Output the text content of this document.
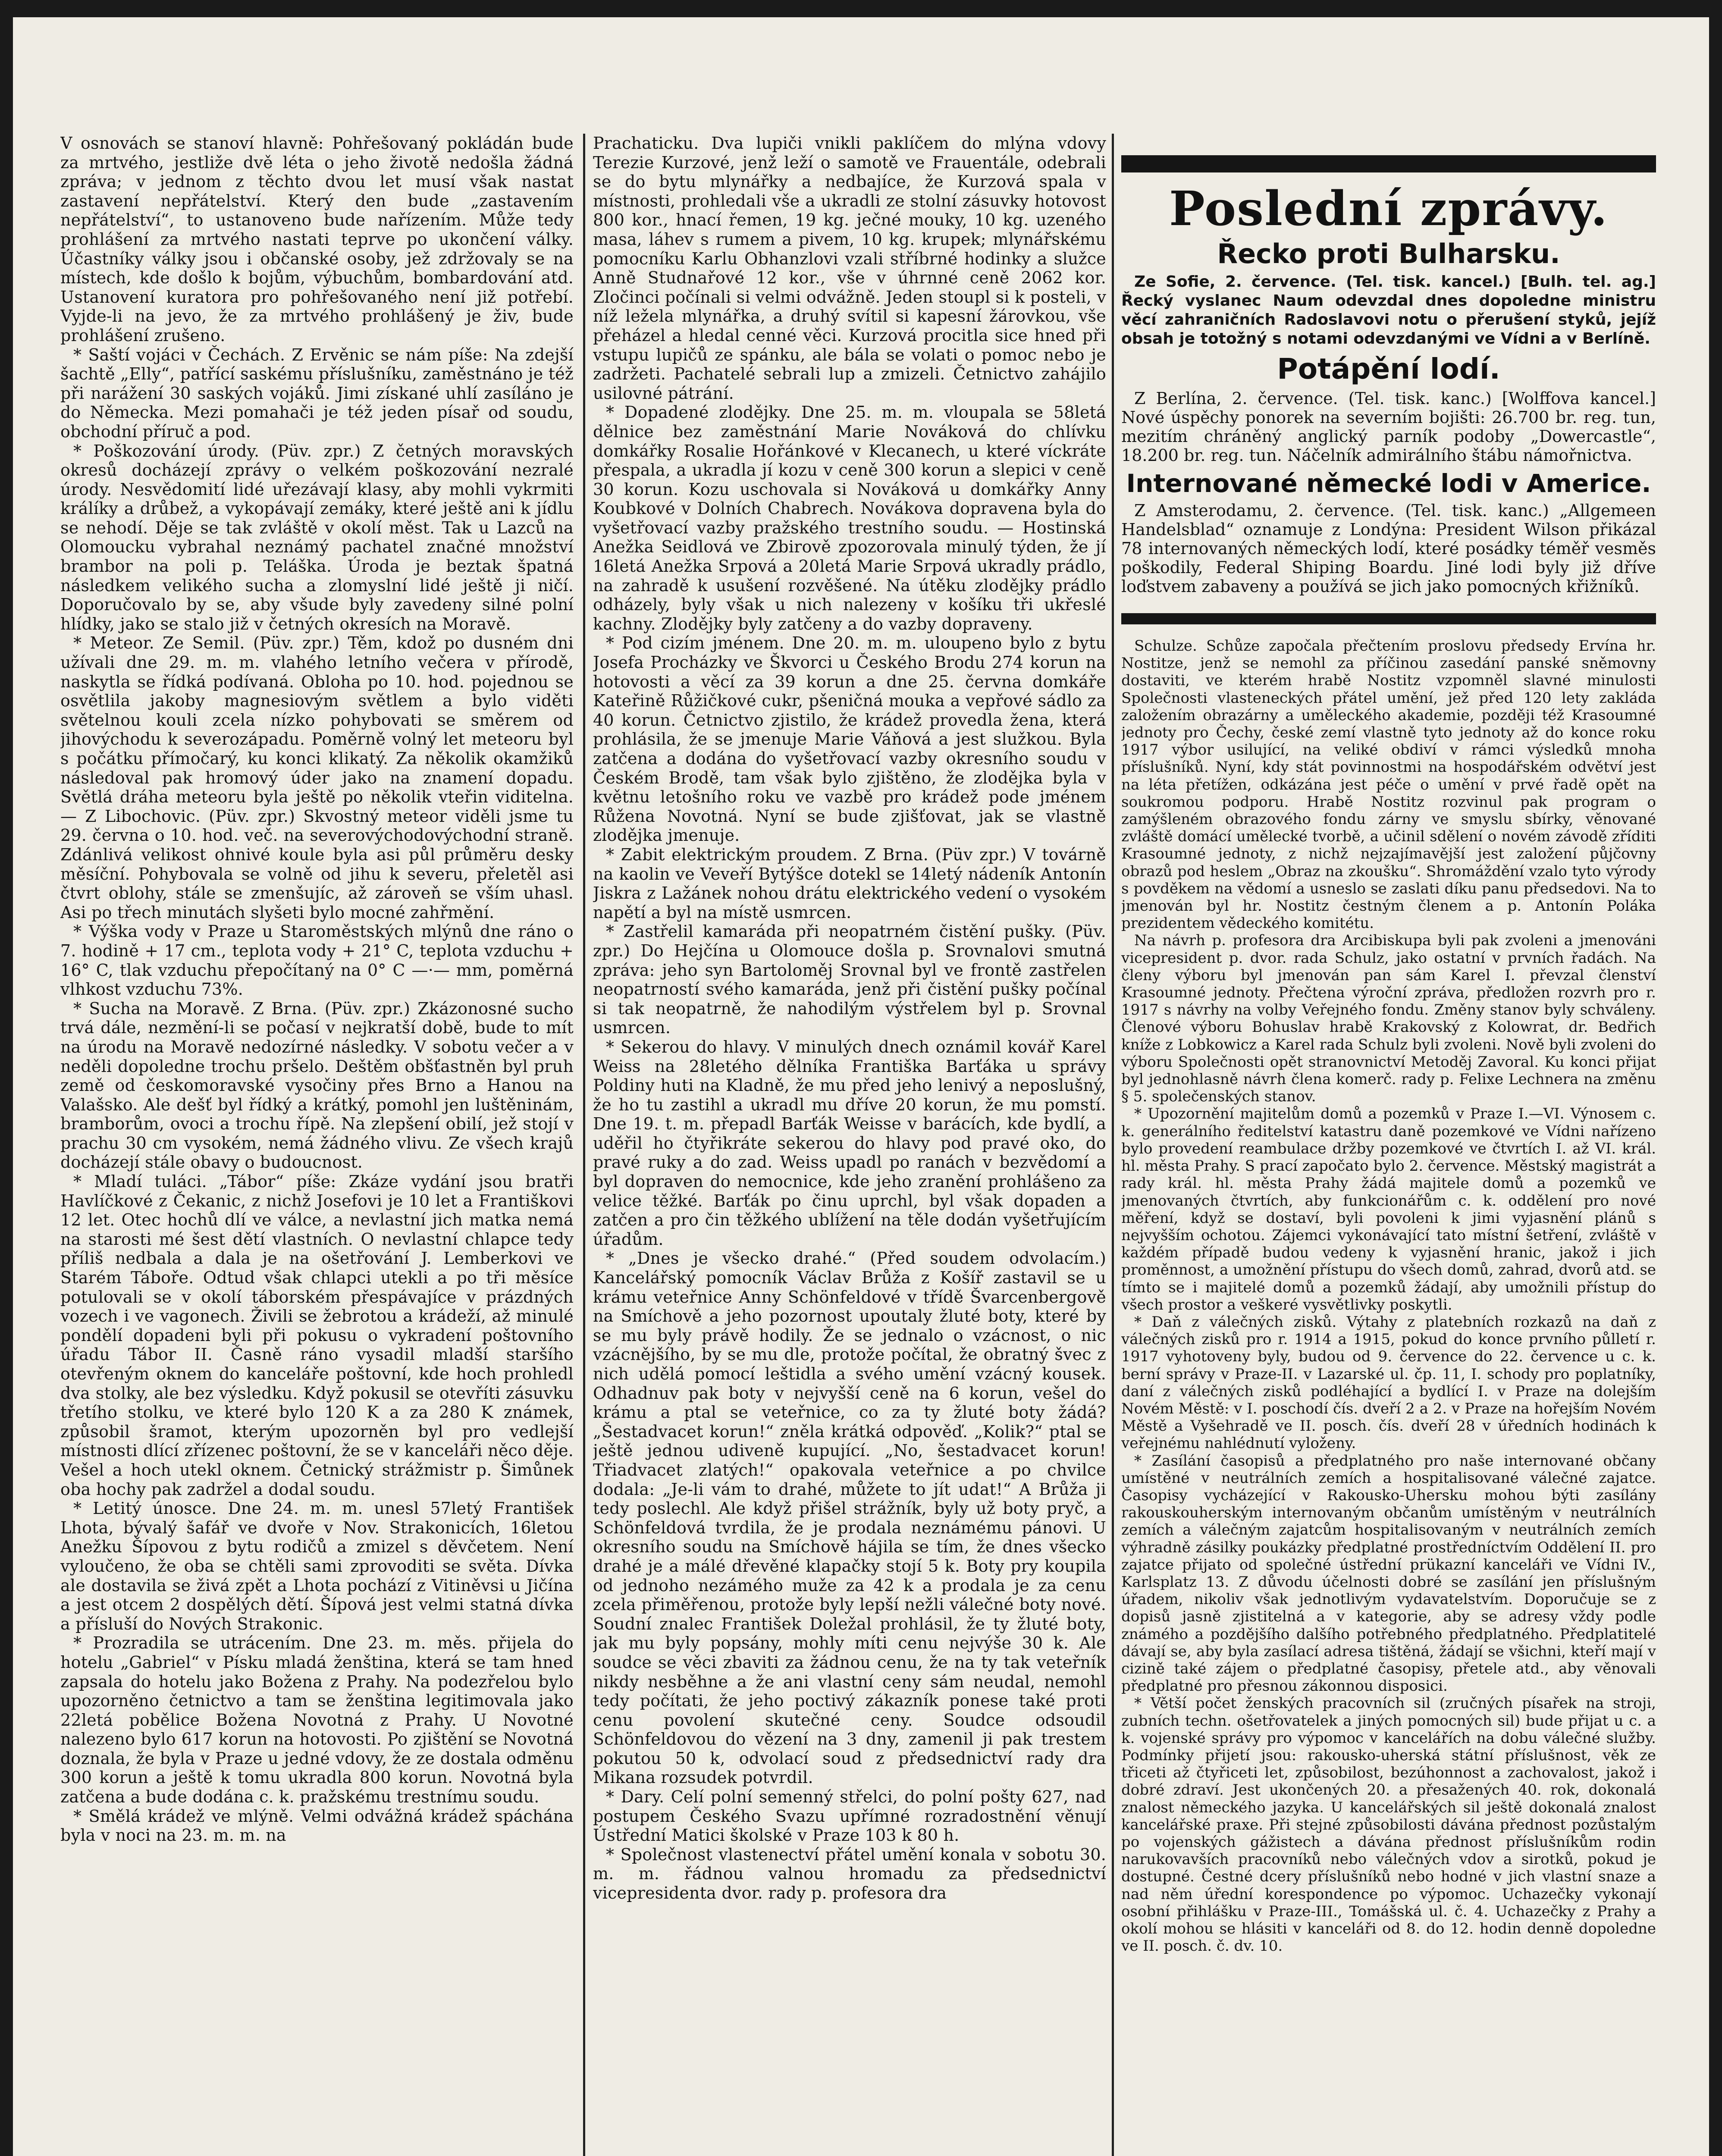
V osnovách se stanoví hlavně: Pohřešovaný pokládán bude za mrtvého, jestliže dvě léta o jeho životě nedošla žádná zpráva; v jednom z těchto dvou let musí však nastat zastavení nepřátelství. Který den bude „zastavením nepřátelství“, to ustanoveno bude nařízením. Může tedy prohlášení za mrtvého nastati teprve po ukončení války. Účastníky války jsou i občanské osoby, jež zdržovaly se na místech, kde došlo k bojům, výbuchům, bombardování atd. Ustanovení kuratora pro pohřešovaného není již potřebí. Vyjde-li na jevo, že za mrtvého prohlášený je živ, bude prohlášení zrušeno.

* Saští vojáci v Čechách. Z Ervěnic se nám píše: Na zdejší šachtě „Elly“, patřící saskému příslušníku, zaměstnáno je též při narážení 30 saských vojáků. Jimi získané uhlí zasíláno je do Německa. Mezi pomahači je též jeden písař od soudu, obchodní příruč a pod.

* Poškozování úrody. (Püv. zpr.) Z četných moravských okresů docházejí zprávy o velkém poškozování nezralé úrody. Nesvědomití lidé uřezávají klasy, aby mohli vykrmiti králíky a drůbež, a vykopávají zemáky, které ještě ani k jídlu se nehodí. Děje se tak zvláště v okolí měst. Tak u Lazců na Olomoucku vybrahal neznámý pachatel značné množství brambor na poli p. Teláška. Úroda je beztak špatná následkem velikého sucha a zlomyslní lidé ještě ji ničí. Doporučovalo by se, aby všude byly zavedeny silné polní hlídky, jako se stalo již v četných okresích na Moravě.

* Meteor. Ze Semil. (Püv. zpr.) Těm, kdož po dusném dni užívali dne 29. m. m. vlahého letního večera v přírodě, naskytla se řídká podívaná. Obloha po 10. hod. pojednou se osvětlila jakoby magnesiovým světlem a bylo viděti světelnou kouli zcela nízko pohybovati se směrem od jihovýchodu k severozápadu. Poměrně volný let meteoru byl s počátku přímočarý, ku konci klikatý. Za několik okamžiků následoval pak hromový úder jako na znamení dopadu. Světlá dráha meteoru byla ještě po několik vteřin viditelna. — Z Libochovic. (Püv. zpr.) Skvostný meteor viděli jsme tu 29. června o 10. hod. več. na severovýchodovýchodní straně. Zdánlivá velikost ohnivé koule byla asi půl průměru desky měsíční. Pohybovala se volně od jihu k severu, přeletěl asi čtvrt oblohy, stále se zmenšujíc, až zároveň se vším uhasl. Asi po třech minutách slyšeti bylo mocné zahřmění.

* Výška vody v Praze u Staroměstských mlýnů dne ráno o 7. hodině + 17 cm., teplota vody + 21° C, teplota vzduchu + 16° C, tlak vzduchu přepočítaný na 0° C —·— mm, poměrná vlhkost vzduchu 73%.

* Sucha na Moravě. Z Brna. (Püv. zpr.) Zkázonosné sucho trvá dále, nezmění-li se počasí v nejkratší době, bude to mít na úrodu na Moravě nedozírné následky. V sobotu večer a v neděli dopoledne trochu pršelo. Deštěm obšťastněn byl pruh země od českomoravské vysočiny přes Brno a Hanou na Valašsko. Ale dešť byl řídký a krátký, pomohl jen luštěninám, bramborům, ovoci a trochu řípě. Na zlepšení obilí, jež stojí v prachu 30 cm vysokém, nemá žádného vlivu. Ze všech krajů docházejí stále obavy o budoucnost.

* Mladí tuláci. „Tábor“ píše: Zkáze vydání jsou bratři Havlíčkové z Čekanic, z nichž Josefovi je 10 let a Františkovi 12 let. Otec hochů dlí ve válce, a nevlastní jich matka nemá na starosti mé šest dětí vlastních. O nevlastní chlapce tedy příliš nedbala a dala je na ošetřování J. Lemberkovi ve Starém Táboře. Odtud však chlapci utekli a po tři měsíce potulovali se v okolí táborském přespávajíce v prázdných vozech i ve vagonech. Živili se žebrotou a krádeží, až minulé pondělí dopadeni byli při pokusu o vykradení poštovního úřadu Tábor II. Časně ráno vysadil mladší staršího otevřeným oknem do kanceláře poštovní, kde hoch prohledl dva stolky, ale bez výsledku. Když pokusil se otevříti zásuvku třetího stolku, ve které bylo 120 K a za 280 K známek, způsobil šramot, kterým upozorněn byl pro vedlejší místnosti dlící zřízenec poštovní, že se v kanceláři něco děje. Vešel a hoch utekl oknem. Četnický strážmistr p. Šimůnek oba hochy pak zadržel a dodal soudu.

* Letitý únosce. Dne 24. m. m. unesl 57letý František Lhota, bývalý šafář ve dvoře v Nov. Strakonicích, 16letou Anežku Šípovou z bytu rodičů a zmizel s děvčetem. Není vyloučeno, že oba se chtěli sami zprovoditi se světa. Dívka ale dostavila se živá zpět a Lhota pochází z Vitiněvsi u Jičína a jest otcem 2 dospělých dětí. Šípová jest velmi statná dívka a přísluší do Nových Strakonic.

* Prozradila se utrácením. Dne 23. m. měs. přijela do hotelu „Gabriel“ v Písku mladá ženština, která se tam hned zapsala do hotelu jako Božena z Prahy. Na podezřelou bylo upozorněno četnictvo a tam se ženština legitimovala jako 22letá pobělice Božena Novotná z Prahy. U Novotné nalezeno bylo 617 korun na hotovosti. Po zjištění se Novotná doznala, že byla v Praze u jedné vdovy, že ze dostala odměnu 300 korun a ještě k tomu ukradla 800 korun. Novotná byla zatčena a bude dodána c. k. pražskému trestnímu soudu.

* Smělá krádež ve mlýně. Velmi odvážná krádež spáchána byla v noci na 23. m. m. na

Prachaticku. Dva lupiči vnikli paklíčem do mlýna vdovy Terezie Kurzové, jenž leží o samotě ve Frauentále, odebrali se do bytu mlynářky a nedbajíce, že Kurzová spala v místnosti, prohledali vše a ukradli ze stolní zásuvky hotovost 800 kor., hnací řemen, 19 kg. ječné mouky, 10 kg. uzeného masa, láhev s rumem a pivem, 10 kg. krupek; mlynářskému pomocníku Karlu Obhanzlovi vzali stříbrné hodinky a služce Anně Studnařové 12 kor., vše v úhrnné ceně 2062 kor. Zločinci počínali si velmi odvážně. Jeden stoupl si k posteli, v níž ležela mlynářka, a druhý svítil si kapesní žárovkou, vše přeházel a hledal cenné věci. Kurzová procitla sice hned při vstupu lupičů ze spánku, ale bála se volati o pomoc nebo je zadržeti. Pachatelé sebrali lup a zmizeli. Četnictvo zahájilo usilovné pátrání.

* Dopadené zlodějky. Dne 25. m. m. vloupala se 58letá dělnice bez zaměstnání Marie Nováková do chlívku domkářky Rosalie Hořánkové v Klecanech, u které víckráte přespala, a ukradla jí kozu v ceně 300 korun a slepici v ceně 30 korun. Kozu uschovala si Nováková u domkářky Anny Koubkové v Dolních Chabrech. Novákova dopravena byla do vyšetřovací vazby pražského trestního soudu. — Hostinská Anežka Seidlová ve Zbirově zpozorovala minulý týden, že jí 16letá Anežka Srpová a 20letá Marie Srpová ukradly prádlo, na zahradě k usušení rozvěšené. Na útěku zlodějky prádlo odházely, byly však u nich nalezeny v košíku tři ukřeslé kachny. Zlodějky byly zatčeny a do vazby dopraveny.

* Pod cizím jménem. Dne 20. m. m. uloupeno bylo z bytu Josefa Procházky ve Škvorci u Českého Brodu 274 korun na hotovosti a věcí za 39 korun a dne 25. června domkáře Kateřině Růžičkové cukr, pšeničná mouka a vepřové sádlo za 40 korun. Četnictvo zjistilo, že krádež provedla žena, která prohlásila, že se jmenuje Marie Váňová a jest služkou. Byla zatčena a dodána do vyšetřovací vazby okresního soudu v Českém Brodě, tam však bylo zjištěno, že zlodějka byla v květnu letošního roku ve vazbě pro krádež pode jménem Růžena Novotná. Nyní se bude zjišťovat, jak se vlastně zlodějka jmenuje.

* Zabit elektrickým proudem. Z Brna. (Püv zpr.) V továrně na kaolin ve Veveří Bytýšce dotekl se 14letý nádeník Antonín Jiskra z Lažánek nohou drátu elektrického vedení o vysokém napětí a byl na místě usmrcen.

* Zastřelil kamaráda při neopatrném čistění pušky. (Püv. zpr.) Do Hejčína u Olomouce došla p. Srovnalovi smutná zpráva: jeho syn Bartoloměj Srovnal byl ve frontě zastřelen neopatrností svého kamaráda, jenž při čistění pušky počínal si tak neopatrně, že nahodilým výstřelem byl p. Srovnal usmrcen.

* Sekerou do hlavy. V minulých dnech oznámil kovář Karel Weiss na 28letého dělníka Františka Barťáka u správy Poldiny huti na Kladně, že mu před jeho lenivý a neposlušný, že ho tu zastihl a ukradl mu dříve 20 korun, že mu pomstí. Dne 19. t. m. přepadl Barťák Weisse v barácích, kde bydlí, a uděřil ho čtyřikráte sekerou do hlavy pod pravé oko, do pravé ruky a do zad. Weiss upadl po ranách v bezvědomí a byl dopraven do nemocnice, kde jeho zranění prohlášeno za velice těžké. Barťák po činu uprchl, byl však dopaden a zatčen a pro čin těžkého ublížení na těle dodán vyšetřujícím úřadům.

* „Dnes je všecko drahé.“ (Před soudem odvolacím.) Kancelářský pomocník Václav Brůža z Košíř zastavil se u krámu veteřnice Anny Schönfeldové v třídě Švarcenbergově na Smíchově a jeho pozornost upoutaly žluté boty, které by se mu byly právě hodily. Že se jednalo o vzácnost, o nic vzácnějšího, by se mu dle, protože počítal, že obratný švec z nich udělá pomocí leštidla a svého umění vzácný kousek. Odhadnuv pak boty v nejvyšší ceně na 6 korun, vešel do krámu a ptal se veteřnice, co za ty žluté boty žádá? „Šestadvacet korun!“ zněla krátká odpověď. „Kolik?“ ptal se ještě jednou udiveně kupující. „No, šestadvacet korun! Třiadvacet zlatých!“ opakovala veteřnice a po chvilce dodala: „Je-li vám to drahé, můžete to jít udat!“ A Brůža ji tedy poslechl. Ale když přišel strážník, byly už boty pryč, a Schönfeldová tvrdila, že je prodala neznámému pánovi. U okresního soudu na Smíchově hájila se tím, že dnes všecko drahé je a málé dřevěné klapačky stojí 5 k. Boty pry koupila od jednoho nezámého muže za 42 k a prodala je za cenu zcela přiměřenou, protože byly lepší nežli válečné boty nové. Soudní znalec František Doležal prohlásil, že ty žluté boty, jak mu byly popsány, mohly míti cenu nejvýše 30 k. Ale soudce se věci zbaviti za žádnou cenu, že na ty tak veteřník nikdy nesběhne a že ani vlastní ceny sám neudal, nemohl tedy počítati, že jeho poctivý zákazník ponese také proti cenu povolení skutečné ceny. Soudce odsoudil Schönfeldovou do vězení na 3 dny, zamenil ji pak trestem pokutou 50 k, odvolací soud z předsednictví rady dra Mikana rozsudek potvrdil.

* Dary. Celí polní semenný střelci, do polní pošty 627, nad postupem Českého Svazu upřímné rozradostnění věnují Ústřední Matici školské v Praze 103 k 80 h.

* Společnost vlastenectví přátel umění konala v sobotu 30. m. m. řádnou valnou hromadu za předsednictví vicepresidenta dvor. rady p. profesora dra

Poslední zprávy.
Řecko proti Bulharsku.

Ze Sofie, 2. července. (Tel. tisk. kancel.) [Bulh. tel. ag.] Řecký vyslanec Naum odevzdal dnes dopoledne ministru věcí zahraničních Radoslavovi notu o přerušení styků, jejíž obsah je totožný s notami odevzdanými ve Vídni a v Berlíně.

Potápění lodí.

Z Berlína, 2. července. (Tel. tisk. kanc.) [Wolffova kancel.] Nové úspěchy ponorek na severním bojišti: 26.700 br. reg. tun, mezitím chráněný anglický parník podoby „Dowercastle“, 18.200 br. reg. tun. Náčelník admirálního štábu námořnictva.

Internované německé lodi v Americe.

Z Amsterodamu, 2. července. (Tel. tisk. kanc.) „Allgemeen Handelsblad“ oznamuje z Londýna: President Wilson přikázal 78 internovaných německých lodí, které posádky téměř vesměs poškodily, Federal Shiping Boardu. Jiné lodi byly již dříve loďstvem zabaveny a používá se jich jako pomocných křižníků.

Schulze. Schůze započala přečtením proslovu předsedy Ervína hr. Nostitze, jenž se nemohl za příčinou zasedání panské sněmovny dostaviti, ve kterém hrabě Nostitz vzpomněl slavné minulosti Společnosti vlasteneckých přátel umění, jež před 120 lety zakláda založením obrazárny a uměleckého akademie, později též Krasoumné jednoty pro Čechy, české zemí vlastně tyto jednoty až do konce roku 1917 výbor usilující, na veliké obdiví v rámci výsledků mnoha příslušníků. Nyní, kdy stát povinnostmi na hospodářském odvětví jest na léta přetížen, odkázána jest péče o umění v prvé řadě opět na soukromou podporu. Hrabě Nostitz rozvinul pak program o zamýšleném obrazového fondu zárny ve smyslu sbírky, věnované zvláště domácí umělecké tvorbě, a učinil sdělení o novém závodě zříditi Krasoumné jednoty, z nichž nejzajímavější jest založení půjčovny obrazů pod heslem „Obraz na zkoušku“. Shromáždění vzalo tyto výrody s povděkem na vědomí a usneslo se zaslati díku panu předsedovi. Na to jmenován byl hr. Nostitz čestným členem a p. Antonín Poláka prezidentem vědeckého komitétu.

Na návrh p. profesora dra Arcibiskupa byli pak zvoleni a jmenováni vicepresident p. dvor. rada Schulz, jako ostatní v prvních řadách. Na členy výboru byl jmenován pan sám Karel I. převzal členství Krasoumné jednoty. Přečtena výroční zpráva, předložen rozvrh pro r. 1917 s návrhy na volby Veřejného fondu. Změny stanov byly schváleny. Členové výboru Bohuslav hrabě Krakovský z Kolowrat, dr. Bedřich kníže z Lobkowicz a Karel rada Schulz byli zvoleni. Nově byli zvoleni do výboru Společnosti opět stranovnictví Metoděj Zavoral. Ku konci přijat byl jednohlasně návrh člena komerč. rady p. Felixe Lechnera na změnu § 5. společenských stanov.

* Upozornění majitelům domů a pozemků v Praze I.—VI. Výnosem c. k. generálního ředitelství katastru daně pozemkové ve Vídni nařízeno bylo provedení reambulace držby pozemkové ve čtvrtích I. až VI. král. hl. města Prahy. S prací započato bylo 2. července. Městský magistrát a rady král. hl. města Prahy žádá majitele domů a pozemků ve jmenovaných čtvrtích, aby funkcionářům c. k. oddělení pro nové měření, když se dostaví, byli povoleni k jimi vyjasnění plánů s nejvyšším ochotou. Zájemci vykonávající tato místní šetření, zvláště v každém případě budou vedeny k vyjasnění hranic, jakož i jich proměnnost, a umožnění přístupu do všech domů, zahrad, dvorů atd. se tímto se i majitelé domů a pozemků žádají, aby umožnili přístup do všech prostor a veškeré vysvětlivky poskytli.

* Daň z válečných zisků. Výtahy z platebních rozkazů na daň z válečných zisků pro r. 1914 a 1915, pokud do konce prvního půlletí r. 1917 vyhotoveny byly, budou od 9. července do 22. července u c. k. berní správy v Praze-II. v Lazarské ul. čp. 11, I. schody pro poplatníky, daní z válečných zisků podléhající a bydlící I. v Praze na dolejším Novém Městě: v I. poschodí čís. dveří 2 a 2. v Praze na hořejším Novém Městě a Vyšehradě ve II. posch. čís. dveří 28 v úředních hodinách k veřejnému nahlédnutí vyloženy.

* Zasílání časopisů a předplatného pro naše internované občany umístěné v neutrálních zemích a hospitalisované válečné zajatce. Časopisy vycházející v Rakousko-Uhersku mohou býti zasílány rakouskouherským internovaným občanům umístěným v neutrálních zemích a válečným zajatcům hospitalisovaným v neutrálních zemích výhradně zásilky poukázky předplatné prostředníctvím Oddělení II. pro zajatce přijato od společné ústřední prükazní kanceláři ve Vídni IV., Karlsplatz 13. Z důvodu účelnosti dobré se zasílání jen příslušným úřadem, nikoliv však jednotlivým vydavatelstvím. Doporučuje se z dopisů jasně zjistitelná a v kategorie, aby se adresy vždy podle známého a pozdějšího dalšího potřebného předplatného. Předplatitelé dávají se, aby byla zasílací adresa tištěná, žádají se všichni, kteří mají v cizině také zájem o předplatné časopisy, přetele atd., aby věnovali předplatné pro přesnou zákonnou disposici.

* Větší počet ženských pracovních sil (zručných písařek na stroji, zubních techn. ošetřovatelek a jiných pomocných sil) bude přijat u c. a k. vojenské správy pro výpomoc v kancelářích na dobu válečné služby. Podmínky přijetí jsou: rakousko-uherská státní příslušnost, věk ze třiceti až čtyřiceti let, způsobilost, bezúhonnost a zachovalost, jakož i dobré zdraví. Jest ukončených 20. a přesažených 40. rok, dokonalá znalost německého jazyka. U kancelářských sil ještě dokonalá znalost kancelářské praxe. Při stejné způsobilosti dávána přednost pozůstalým po vojenských gážistech a dávána přednost příslušníkům rodin narukovavších pracovníků nebo válečných vdov a sirotků, pokud je dostupné. Čestné dcery příslušníků nebo hodné v jich vlastní snaze a nad něm úřední korespondence po výpomoc. Uchazečky vykonají osobní přihlášku v Praze-III., Tomášská ul. č. 4. Uchazečky z Prahy a okolí mohou se hlásiti v kanceláři od 8. do 12. hodin denně dopoledne ve II. posch. č. dv. 10.
